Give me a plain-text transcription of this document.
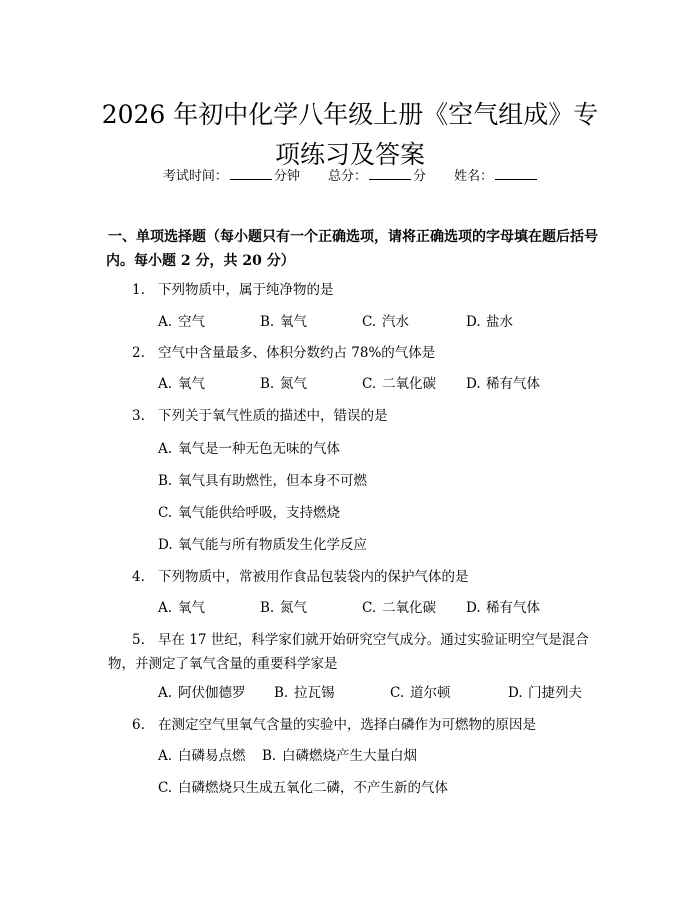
2026 年初中化学八年级上册《空气组成》专
项练习及答案
考试时间：	分钟 总分：	分 姓名：
一、单项选择题（每小题只有一个正确选项，请将正确选项的字母填在题后括号
内。每小题 2 分，共 20 分）
1. 下列物质中，属于纯净物的是
A. 空气	B. 氧气	C. 汽水	D. 盐水
2. 空气中含量最多、体积分数约占 78%的气体是
A. 氧气	B. 氮气	C. 二氧化碳 D. 稀有气体
3. 下列关于氧气性质的描述中，错误的是
A. 氧气是一种无色无味的气体
B. 氧气具有助燃性，但本身不可燃
C. 氧气能供给呼吸，支持燃烧
D. 氧气能与所有物质发生化学反应
4. 下列物质中，常被用作食品包装袋内的保护气体的是
A. 氧气	B. 氮气	C. 二氧化碳 D. 稀有气体
5. 早在 17 世纪，科学家们就开始研究空气成分。通过实验证明空气是混合
物，并测定了氧气含量的重要科学家是
A. 阿伏伽德罗 B. 拉瓦锡	C. 道尔顿	D. 门捷列夫
6. 在测定空气里氧气含量的实验中，选择白磷作为可燃物的原因是
A. 白磷易点燃 B. 白磷燃烧产生大量白烟
C. 白磷燃烧只生成五氧化二磷，不产生新的气体
